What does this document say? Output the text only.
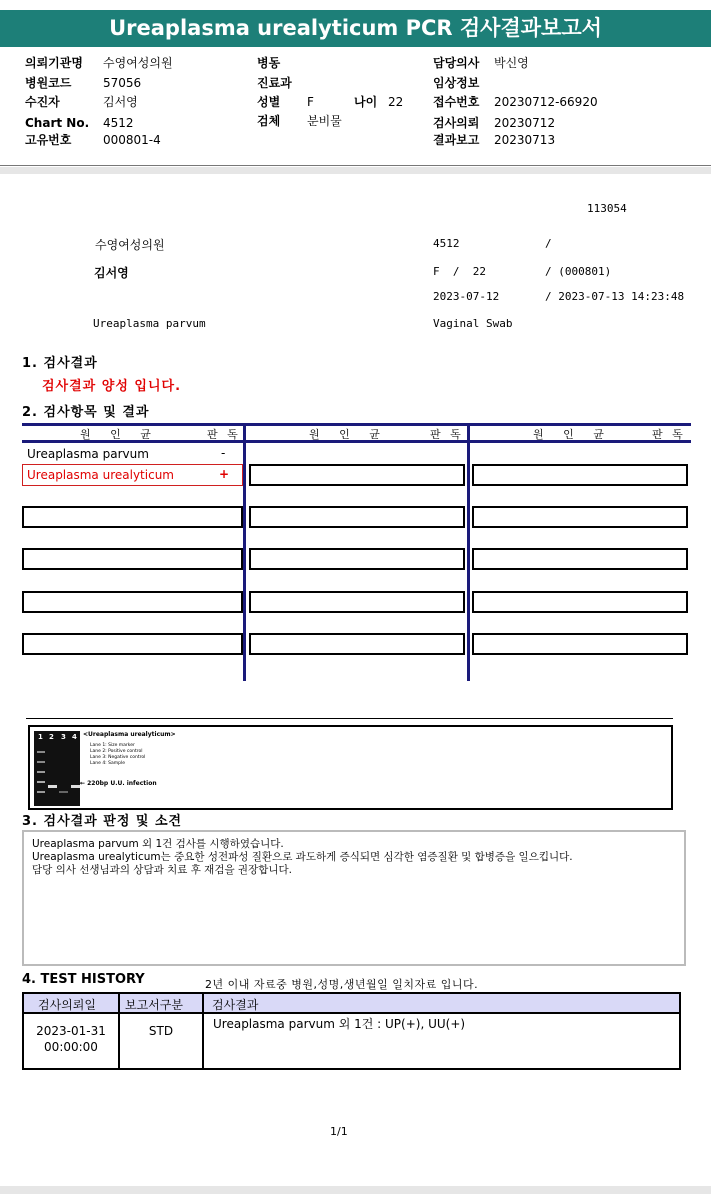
Ureaplasma urealyticum PCR 검사결과보고서
의뢰기관명 수영여성의원
병원코드	57056
수진자	김서영
Chart No. 4512
고유번호	000801-4
병동
진료과
성별 F	나이 22
검체 분비물
담당의사 박신영
임상정보
접수번호 20230712-66920
검사의뢰 20230712
결과보고 20230713
113054
수영여성의원	4512	/
김서영	F  /  22	/ (000801)
2023-07-12	/ 2023-07-13 14:23:48
Ureaplasma parvum	Vaginal Swab
1. 검사결과
검사결과 양성 입니다.
2. 검사항목 및 결과
원 인 균	판 독	원 인 균	판 독	원 인 균	판 독
Ureaplasma parvum	-
Ureaplasma urealyticum	+
1 2 3 4 <Ureaplasma urealyticum>
Lane 1: Size marker
Lane 2: Positive control
Lane 3: Negative control
Lane 4: Sample
← 220bp U.U. infection
3. 검사결과 판정 및 소견
Ureaplasma parvum 외 1건 검사를 시행하였습니다.
Ureaplasma urealyticum는 중요한 성전파성 질환으로 과도하게 증식되면 심각한 염증질환 및 합병증을 일으킵니다.
담당 의사 선생님과의 상담과 치료 후 재검을 권장합니다.
4. TEST HISTORY	2년 이내 자료중 병원,성명,생년월일 일치자료 입니다.
검사의뢰일 보고서구분 검사결과
2023-01-31
00:00:00
STD	Ureaplasma parvum 외 1건 : UP(+), UU(+)
1/1
